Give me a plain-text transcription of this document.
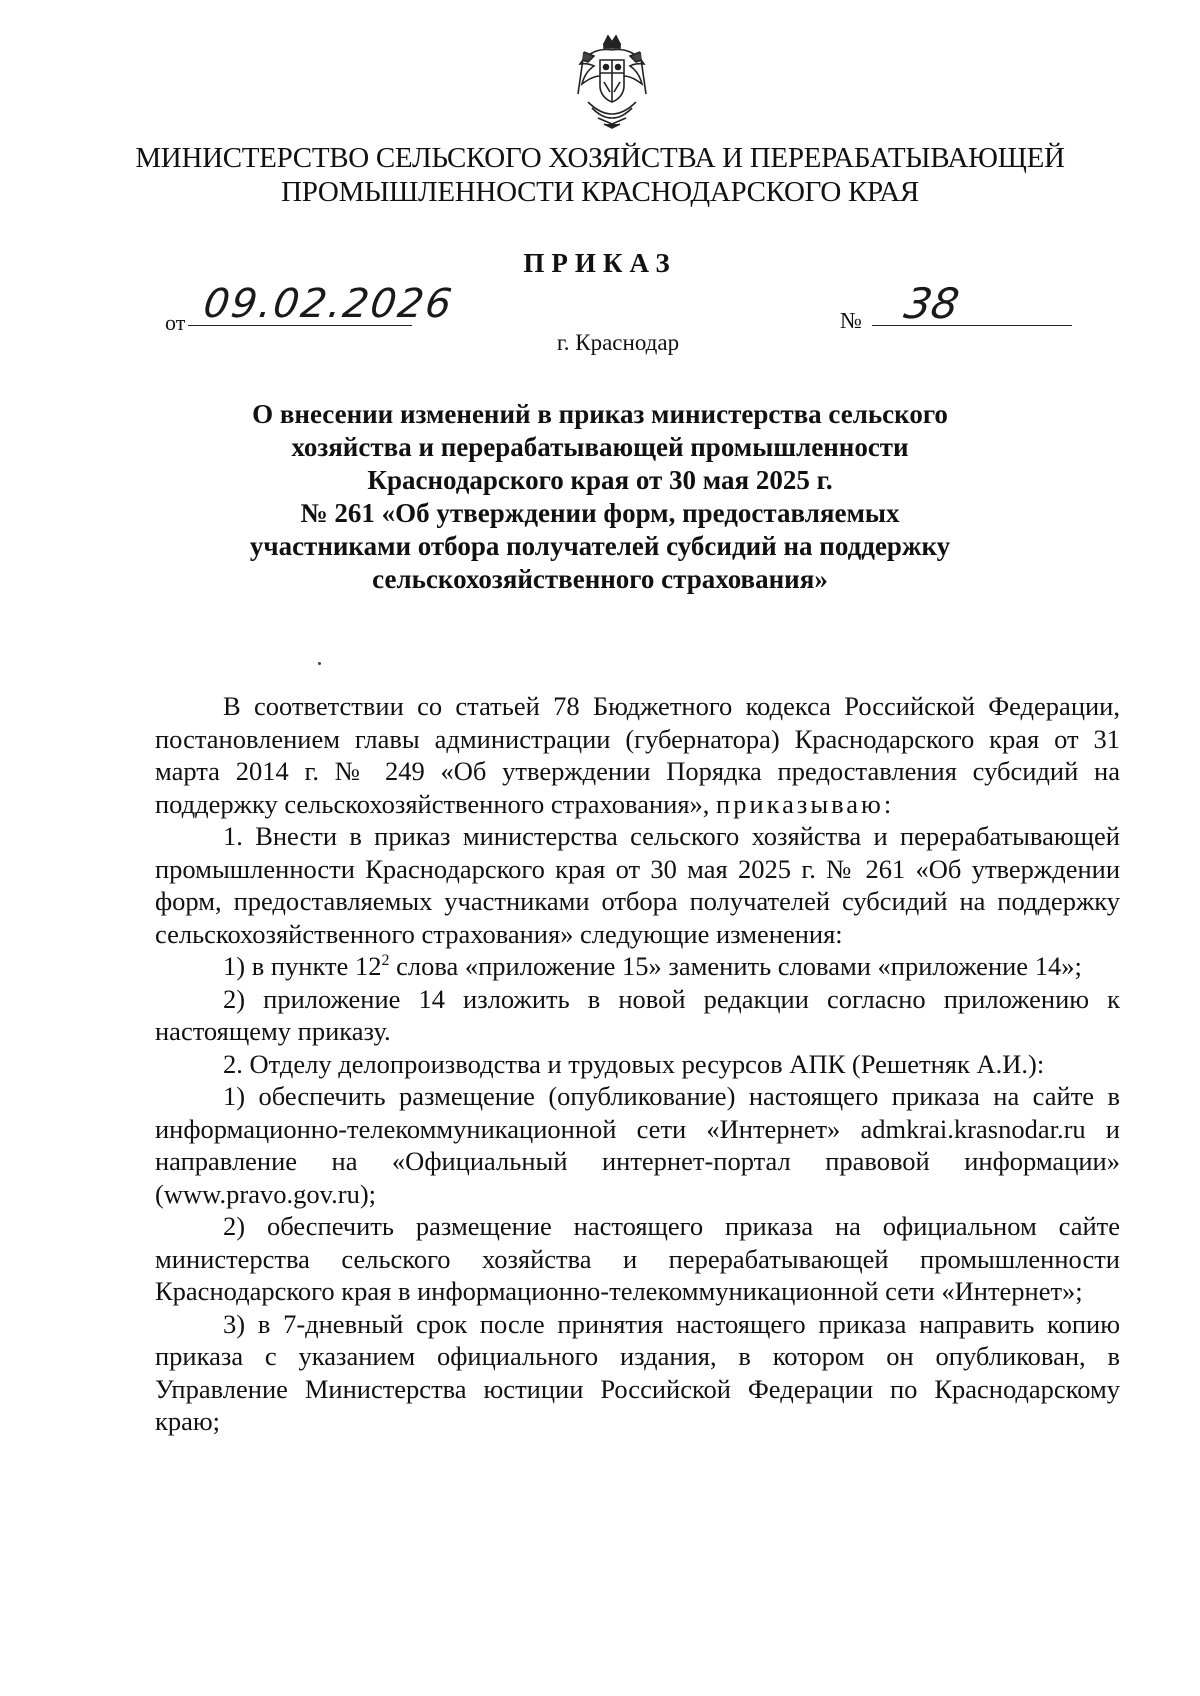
МИНИСТЕРСТВО СЕЛЬСКОГО ХОЗЯЙСТВА И ПЕРЕРАБАТЫВАЮЩЕЙ
ПРОМЫШЛЕННОСТИ КРАСНОДАРСКОГО КРАЯ
ПРИКАЗ
от 09.02.2026	№ 38
г. Краснодар
О внесении изменений в приказ министерства сельского
хозяйства и перерабатывающей промышленности
Краснодарского края от 30 мая 2025 г.
№ 261 «Об утверждении форм, предоставляемых
участниками отбора получателей субсидий на поддержку
сельскохозяйственного страхования»

В соответствии со статьей 78 Бюджетного кодекса Российской Федерации, постановлением главы администрации (губернатора) Краснодарского края от 31 марта 2014 г. № 249 «Об утверждении Порядка предоставления субсидий на поддержку сельскохозяйственного страхования», приказываю:

1. Внести в приказ министерства сельского хозяйства и перерабатывающей промышленности Краснодарского края от 30 мая 2025 г. № 261 «Об утверждении форм, предоставляемых участниками отбора получателей субсидий на поддержку сельскохозяйственного страхования» следующие изменения:

1) в пункте $12^2$ слова «приложение 15» заменить словами «приложение 14»;

2) приложение 14 изложить в новой редакции согласно приложению к настоящему приказу.

2. Отделу делопроизводства и трудовых ресурсов АПК (Решетняк А.И.):

1) обеспечить размещение (опубликование) настоящего приказа на сайте в информационно-телекоммуникационной сети «Интернет» admkrai.krasnodar.ru и направление на «Официальный интернет-портал правовой информации» (www.pravo.gov.ru);

2) обеспечить размещение настоящего приказа на официальном сайте министерства сельского хозяйства и перерабатывающей промышленности Краснодарского края в информационно-телекоммуникационной сети «Интернет»;

3) в 7-дневный срок после принятия настоящего приказа направить копию приказа с указанием официального издания, в котором он опубликован, в Управление Министерства юстиции Российской Федерации по Краснодарскому краю;
